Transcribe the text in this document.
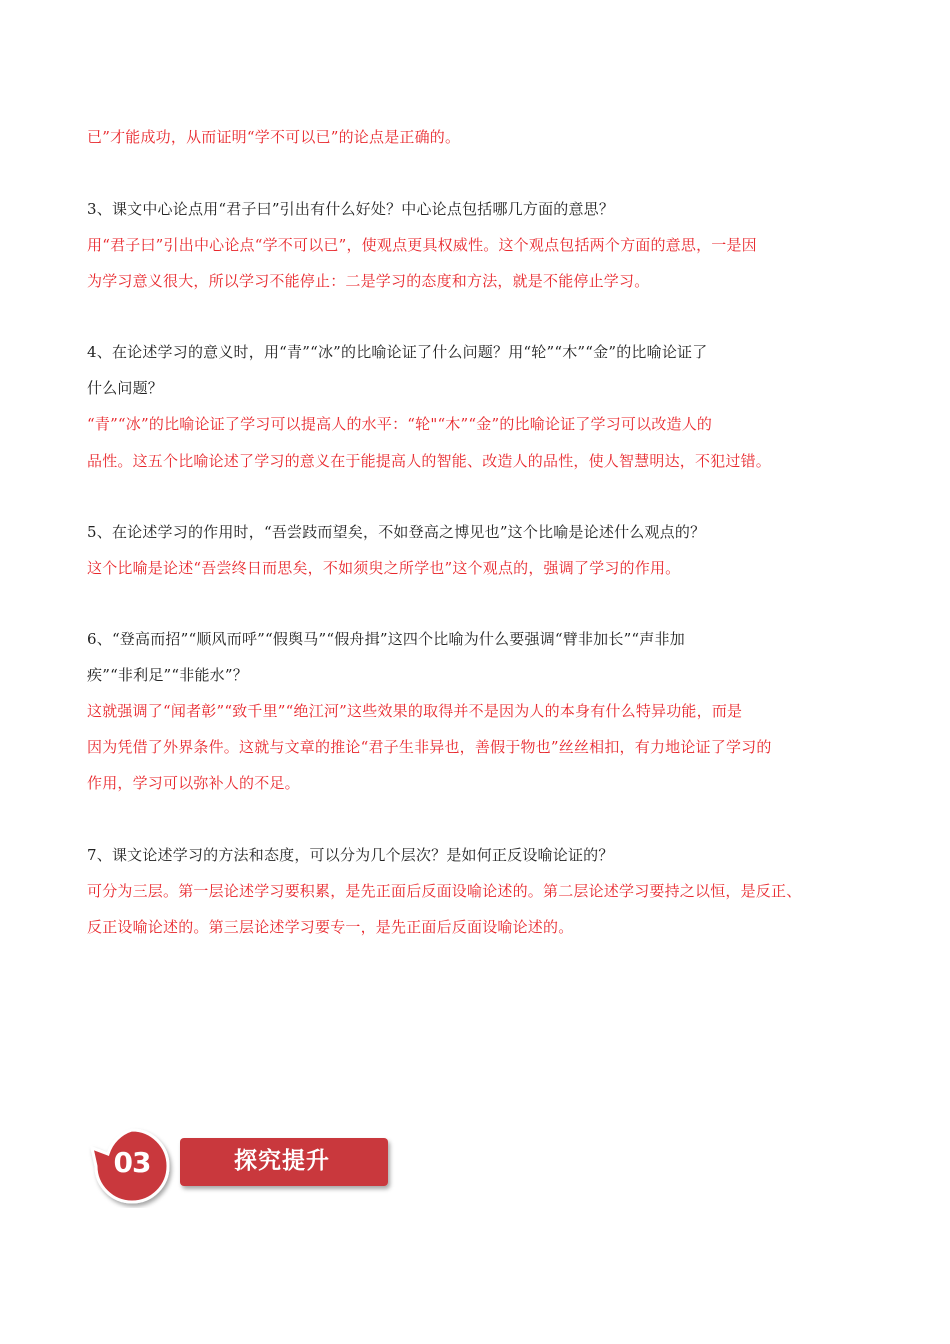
已”才能成功，从而证明“学不可以已”的论点是正确的。
3、课文中心论点用“君子曰”引出有什么好处？中心论点包括哪几方面的意思？
用“君子曰”引出中心论点“学不可以已”，使观点更具权威性。这个观点包括两个方面的意思，一是因
为学习意义很大，所以学习不能停止：二是学习的态度和方法，就是不能停止学习。
4、在论述学习的意义时，用“青”“冰”的比喻论证了什么问题？用“轮”“木”“金”的比喻论证了
什么问题？
“青”“冰”的比喻论证了学习可以提高人的水平：“轮"“木”“金”的比喻论证了学习可以改造人的
品性。这五个比喻论述了学习的意义在于能提高人的智能、改造人的品性，使人智慧明达，不犯过错。
5、在论述学习的作用时，“吾尝跂而望矣，不如登高之博见也”这个比喻是论述什么观点的？
这个比喻是论述“吾尝终日而思矣，不如须臾之所学也”这个观点的，强调了学习的作用。
6、“登高而招”“顺风而呼”“假舆马”“假舟揖”这四个比喻为什么要强调“臂非加长”“声非加
疾”“非利足”“非能水”？
这就强调了“闻者彰”“致千里”“绝江河”这些效果的取得并不是因为人的本身有什么特异功能，而是
因为凭借了外界条件。这就与文章的推论“君子生非异也，善假于物也”丝丝相扣，有力地论证了学习的
作用，学习可以弥补人的不足。
7、课文论述学习的方法和态度，可以分为几个层次？是如何正反设喻论证的？
可分为三层。第一层论述学习要积累，是先正面后反面设喻论述的。第二层论述学习要持之以恒，是反正、
反正设喻论述的。第三层论述学习要专一，是先正面后反面设喻论述的。
03	探究提升
